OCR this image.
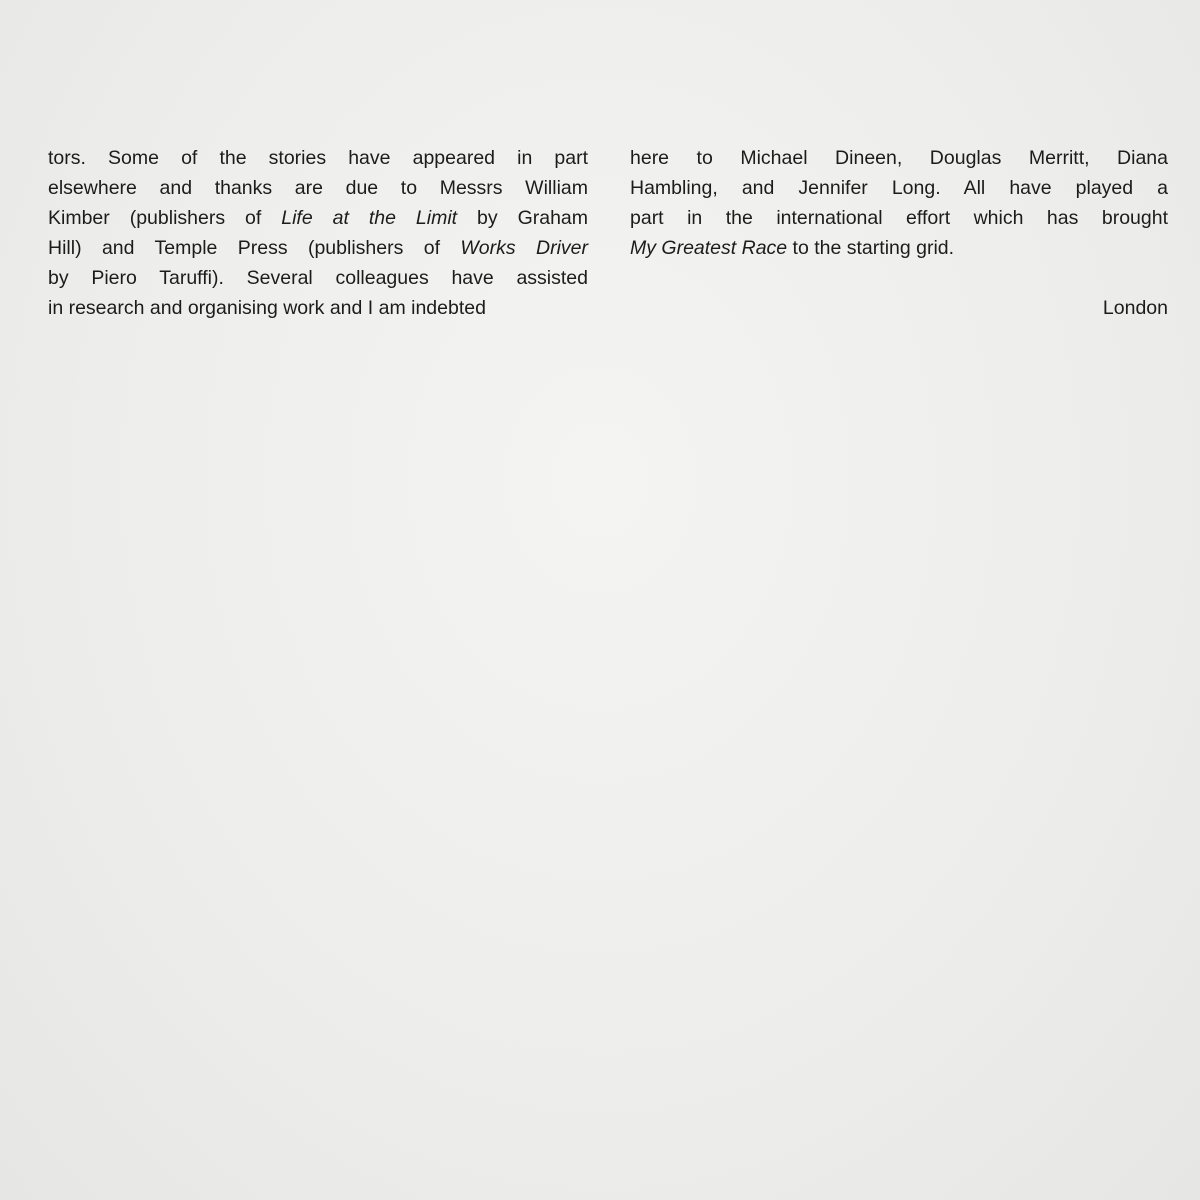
tors. Some of the stories have appeared in part
elsewhere and thanks are due to Messrs William
Kimber (publishers of Life at the Limit by Graham
Hill) and Temple Press (publishers of Works Driver
by Piero Taruffi). Several colleagues have assisted
in research and organising work and I am indebted
here to Michael Dineen, Douglas Merritt, Diana
Hambling, and Jennifer Long. All have played a
part in the international effort which has brought
My Greatest Race to the starting grid.
London
